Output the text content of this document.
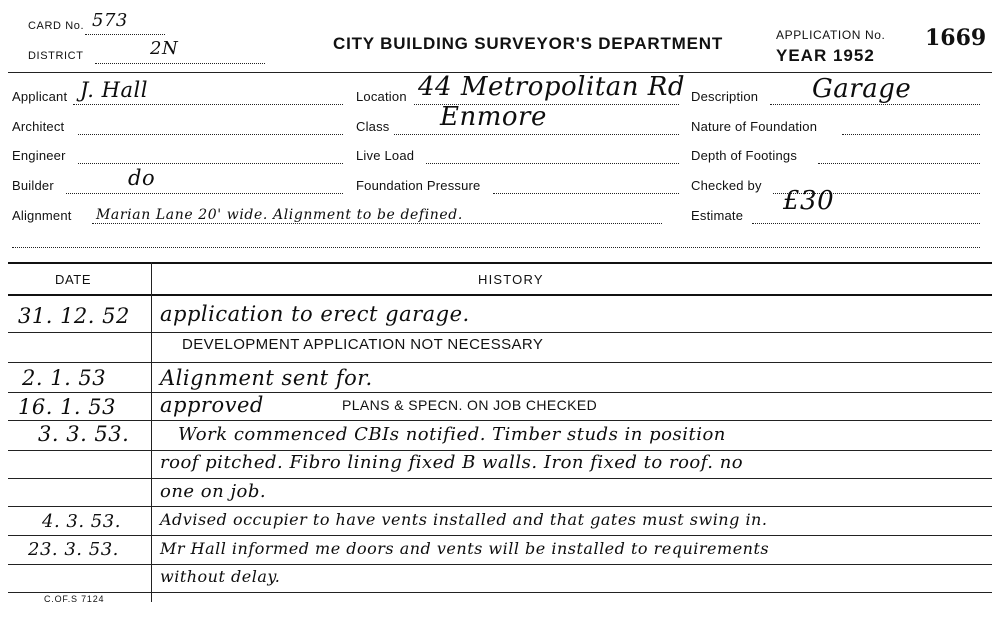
CARD No. 573
DISTRICT	2N	CITY BUILDING SURVEYOR'S DEPARTMENT	APPLICATION No. 1669
YEAR 1952
Applicant J. Hall
Architect
Engineer
Builder	do
Alignment Marian Lane 20' wide. Alignment to be defined.
Location 44 Metropolitan Rd
Class Enmore
Live Load
Foundation Pressure
Description Garage
Nature of Foundation
Depth of Footings
Checked by
Estimate £30
DATE	HISTORY
31. 12. 52 application to erect garage.
DEVELOPMENT APPLICATION NOT NECESSARY
2. 1. 53	Alignment sent for.
16. 1. 53 approved	PLANS & SPECN. ON JOB CHECKED
3. 3. 53.	Work commenced CBIs notified. Timber studs in position
roof pitched. Fibro lining fixed B walls. Iron fixed to roof. no
one on job.
4. 3. 53. Advised occupier to have vents installed and that gates must swing in.
23. 3. 53.	Mr Hall informed me doors and vents will be installed to requirements
without delay.
C.OF.S 7124
